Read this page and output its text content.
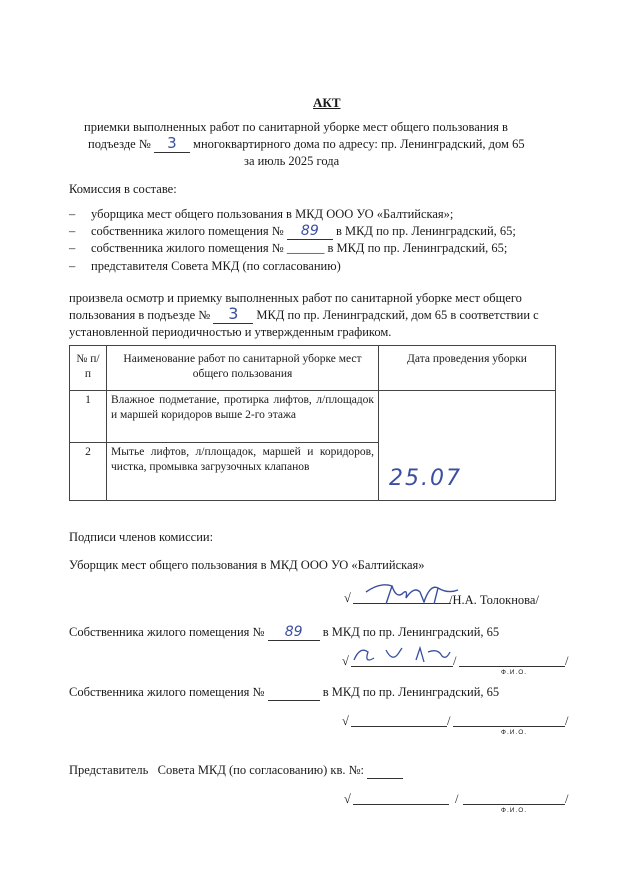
АКТ
приемки выполненных работ по санитарной уборке мест общего пользования в
подъезде № 3 многоквартирного дома по адресу: пр. Ленинградский, дом 65
за июль 2025 года
Комиссия в составе:
– уборщика мест общего пользования в МКД ООО УО «Балтийская»;
– собственника жилого помещения № 89 в МКД по пр. Ленинградский, 65;
– собственника жилого помещения № ______ в МКД по пр. Ленинградский, 65;
– представителя Совета МКД (по согласованию)
произвела осмотр и приемку выполненных работ по санитарной уборке мест общего
пользования в подъезде № 3 МКД по пр. Ленинградский, дом 65 в соответствии с
установленной периодичностью и утвержденным графиком.
№ п/п	Наименование работ по санитарной уборке мест общего пользования	Дата проведения уборки
1	Влажное подметание, протирка лифтов, л/площадок и маршей коридоров выше 2-го этажа	25.07

2	Мытье лифтов, л/площадок, маршей и коридоров, чистка, промывка загрузочных клапанов	
Подписи членов комиссии:
Уборщик мест общего пользования в МКД ООО УО «Балтийская»
√	/Н.А. Толокнова/
Собственника жилого помещения № 89 в МКД по пр. Ленинградский, 65
√	/	/
Ф.И.О.
Собственника жилого помещения №	в МКД по пр. Ленинградский, 65
√	/	/
Ф.И.О.
Представитель   Совета МКД (по согласованию) кв. №:
√	/	/
Ф.И.О.
